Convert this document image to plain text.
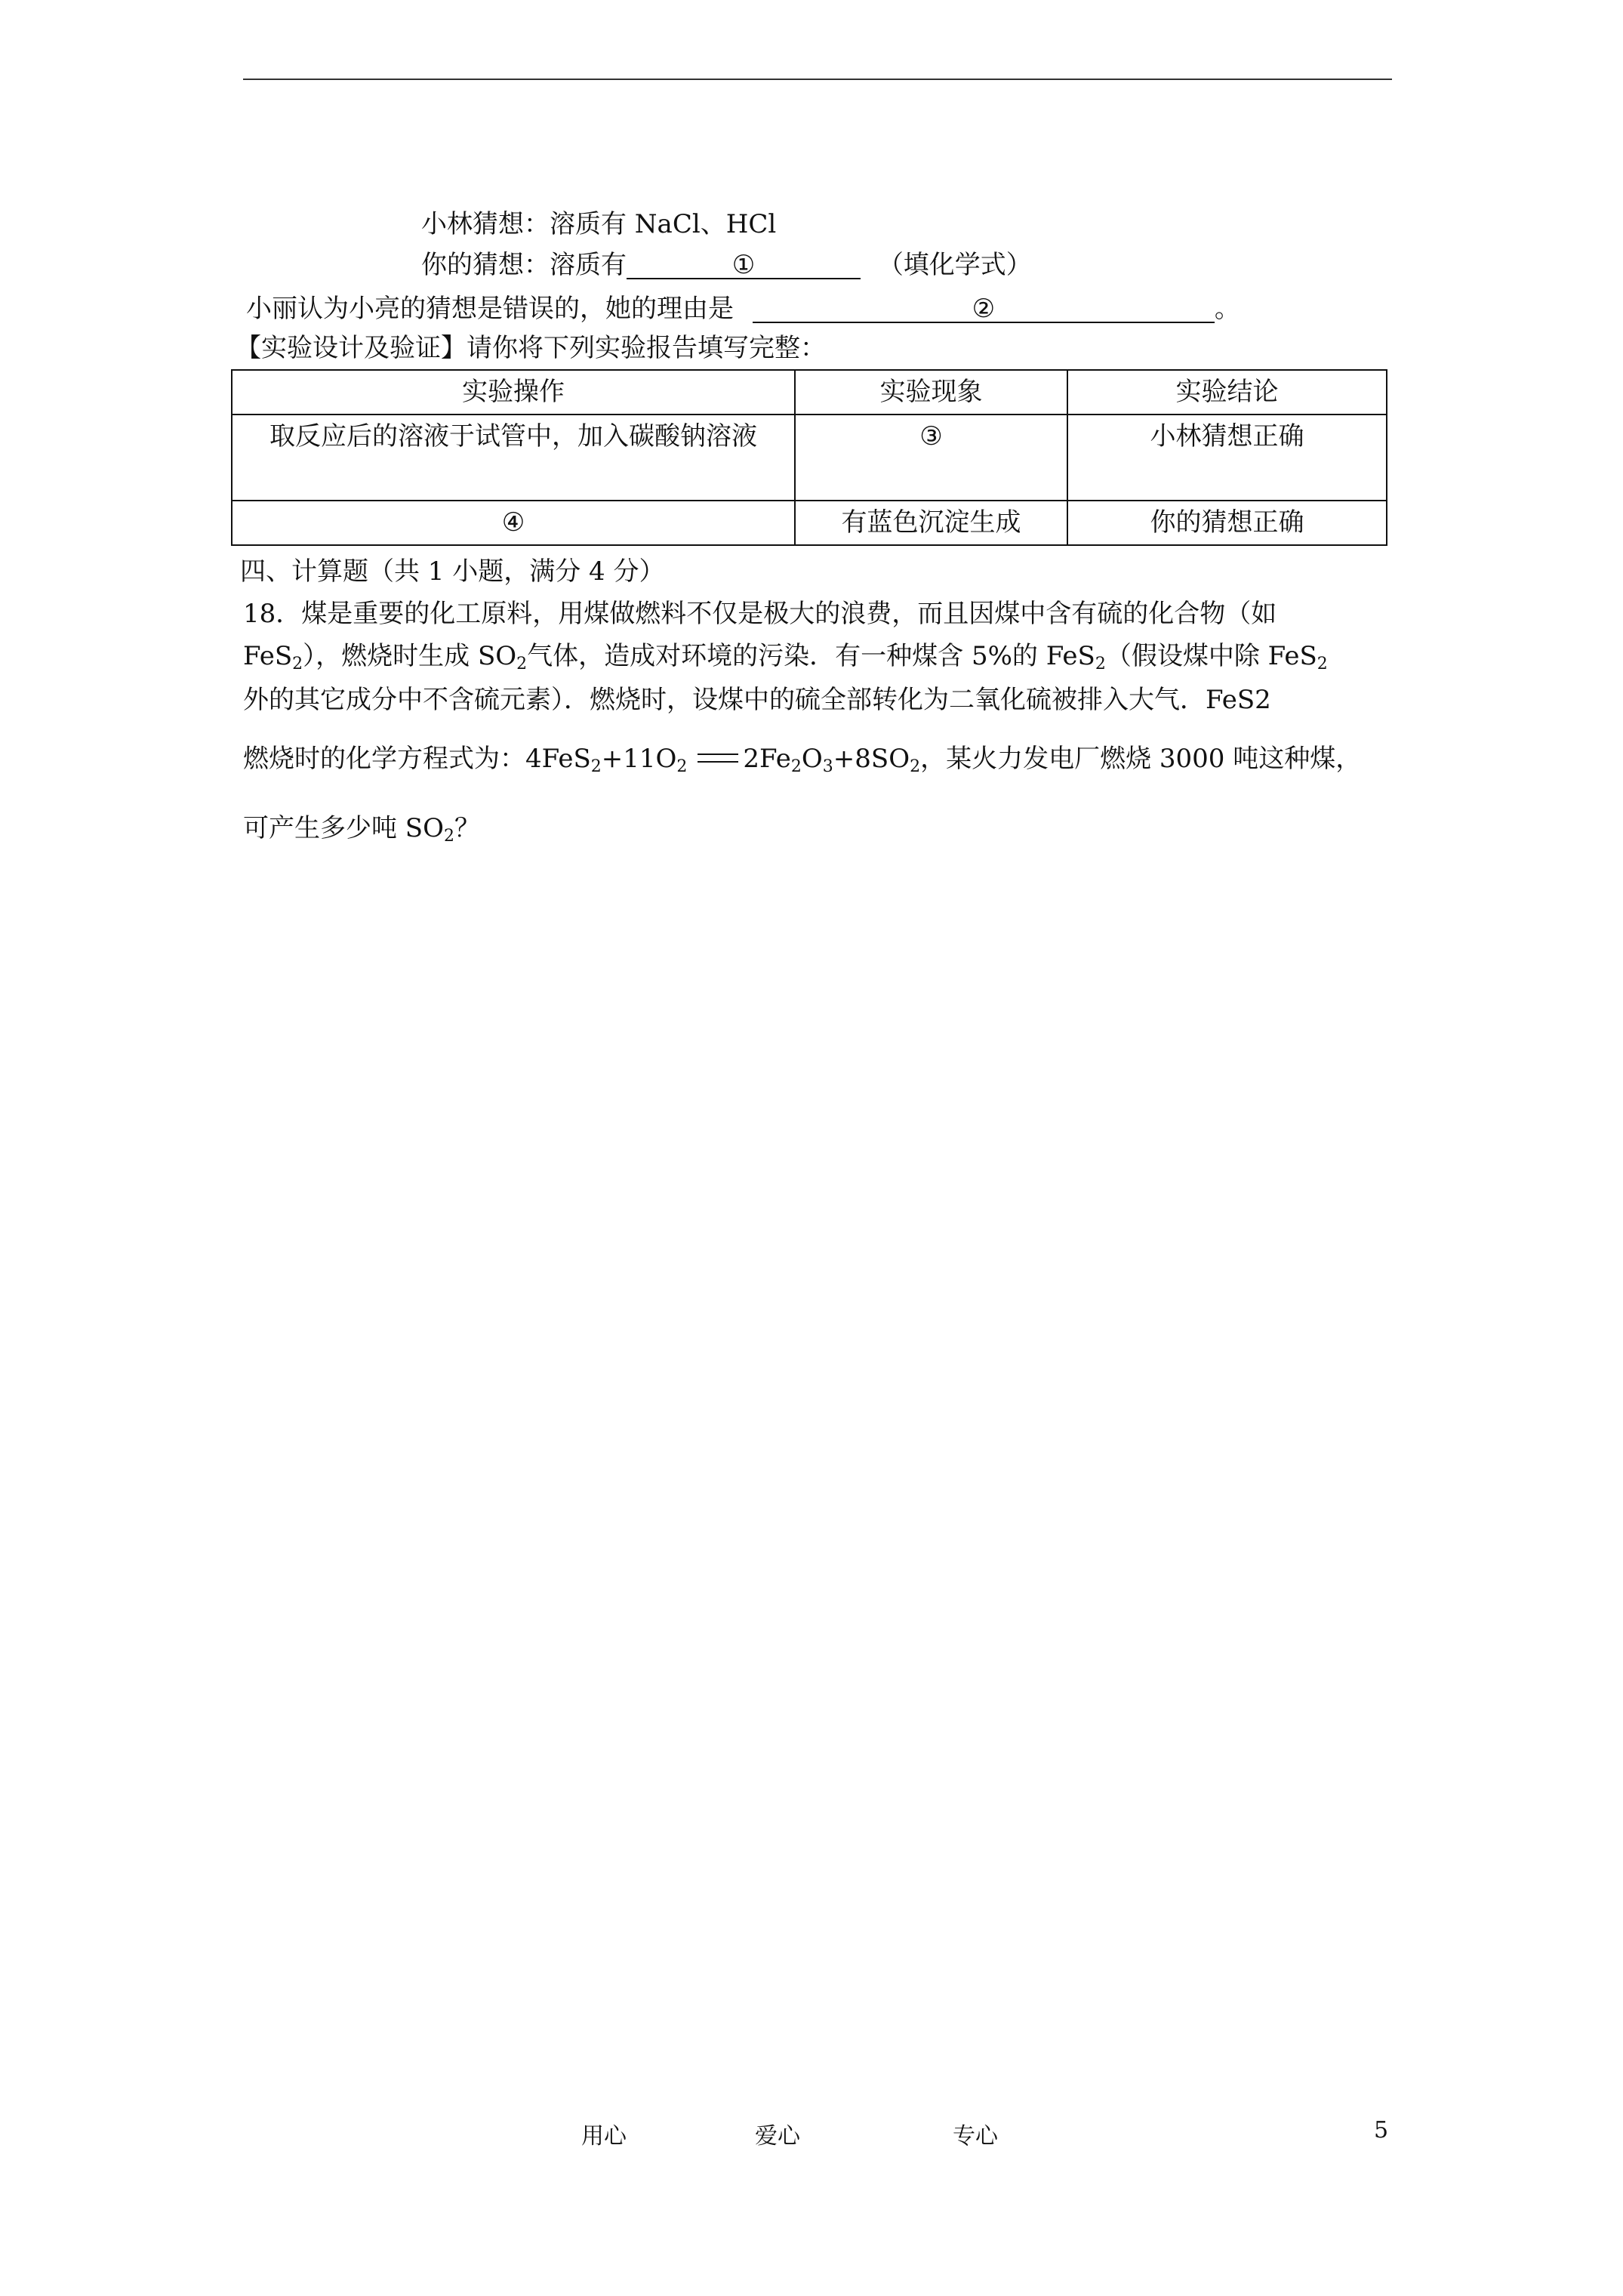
小林猜想：溶质有 NaCl、HCl
你的猜想：溶质有	①	（填化学式）
小丽认为小亮的猜想是错误的，她的理由是	②	。
【实验设计及验证】请你将下列实验报告填写完整：
实验操作	实验现象	实验结论
取反应后的溶液于试管中，加入碳酸钠溶液	③	小林猜想正确
④	有蓝色沉淀生成	你的猜想正确
四、计算题（共 1 小题，满分 4 分）
18．煤是重要的化工原料，用煤做燃料不仅是极大的浪费，而且因煤中含有硫的化合物（如
FeS$_2$），燃烧时生成 $SO_2$气体，造成对环境的污染．有一种煤含 5%的 FeS$_2$（假设煤中除 FeS$_2$
外的其它成分中不含硫元素）．燃烧时，设煤中的硫全部转化为二氧化硫被排入大气．FeS2
燃烧时的化学方程式为：$4FeS_2+11O_2$ $2Fe_2O_3+8SO_2$，某火力发电厂燃烧 3000 吨这种煤，
可产生多少吨 $SO_2$？
用心	爱心	专心	5
